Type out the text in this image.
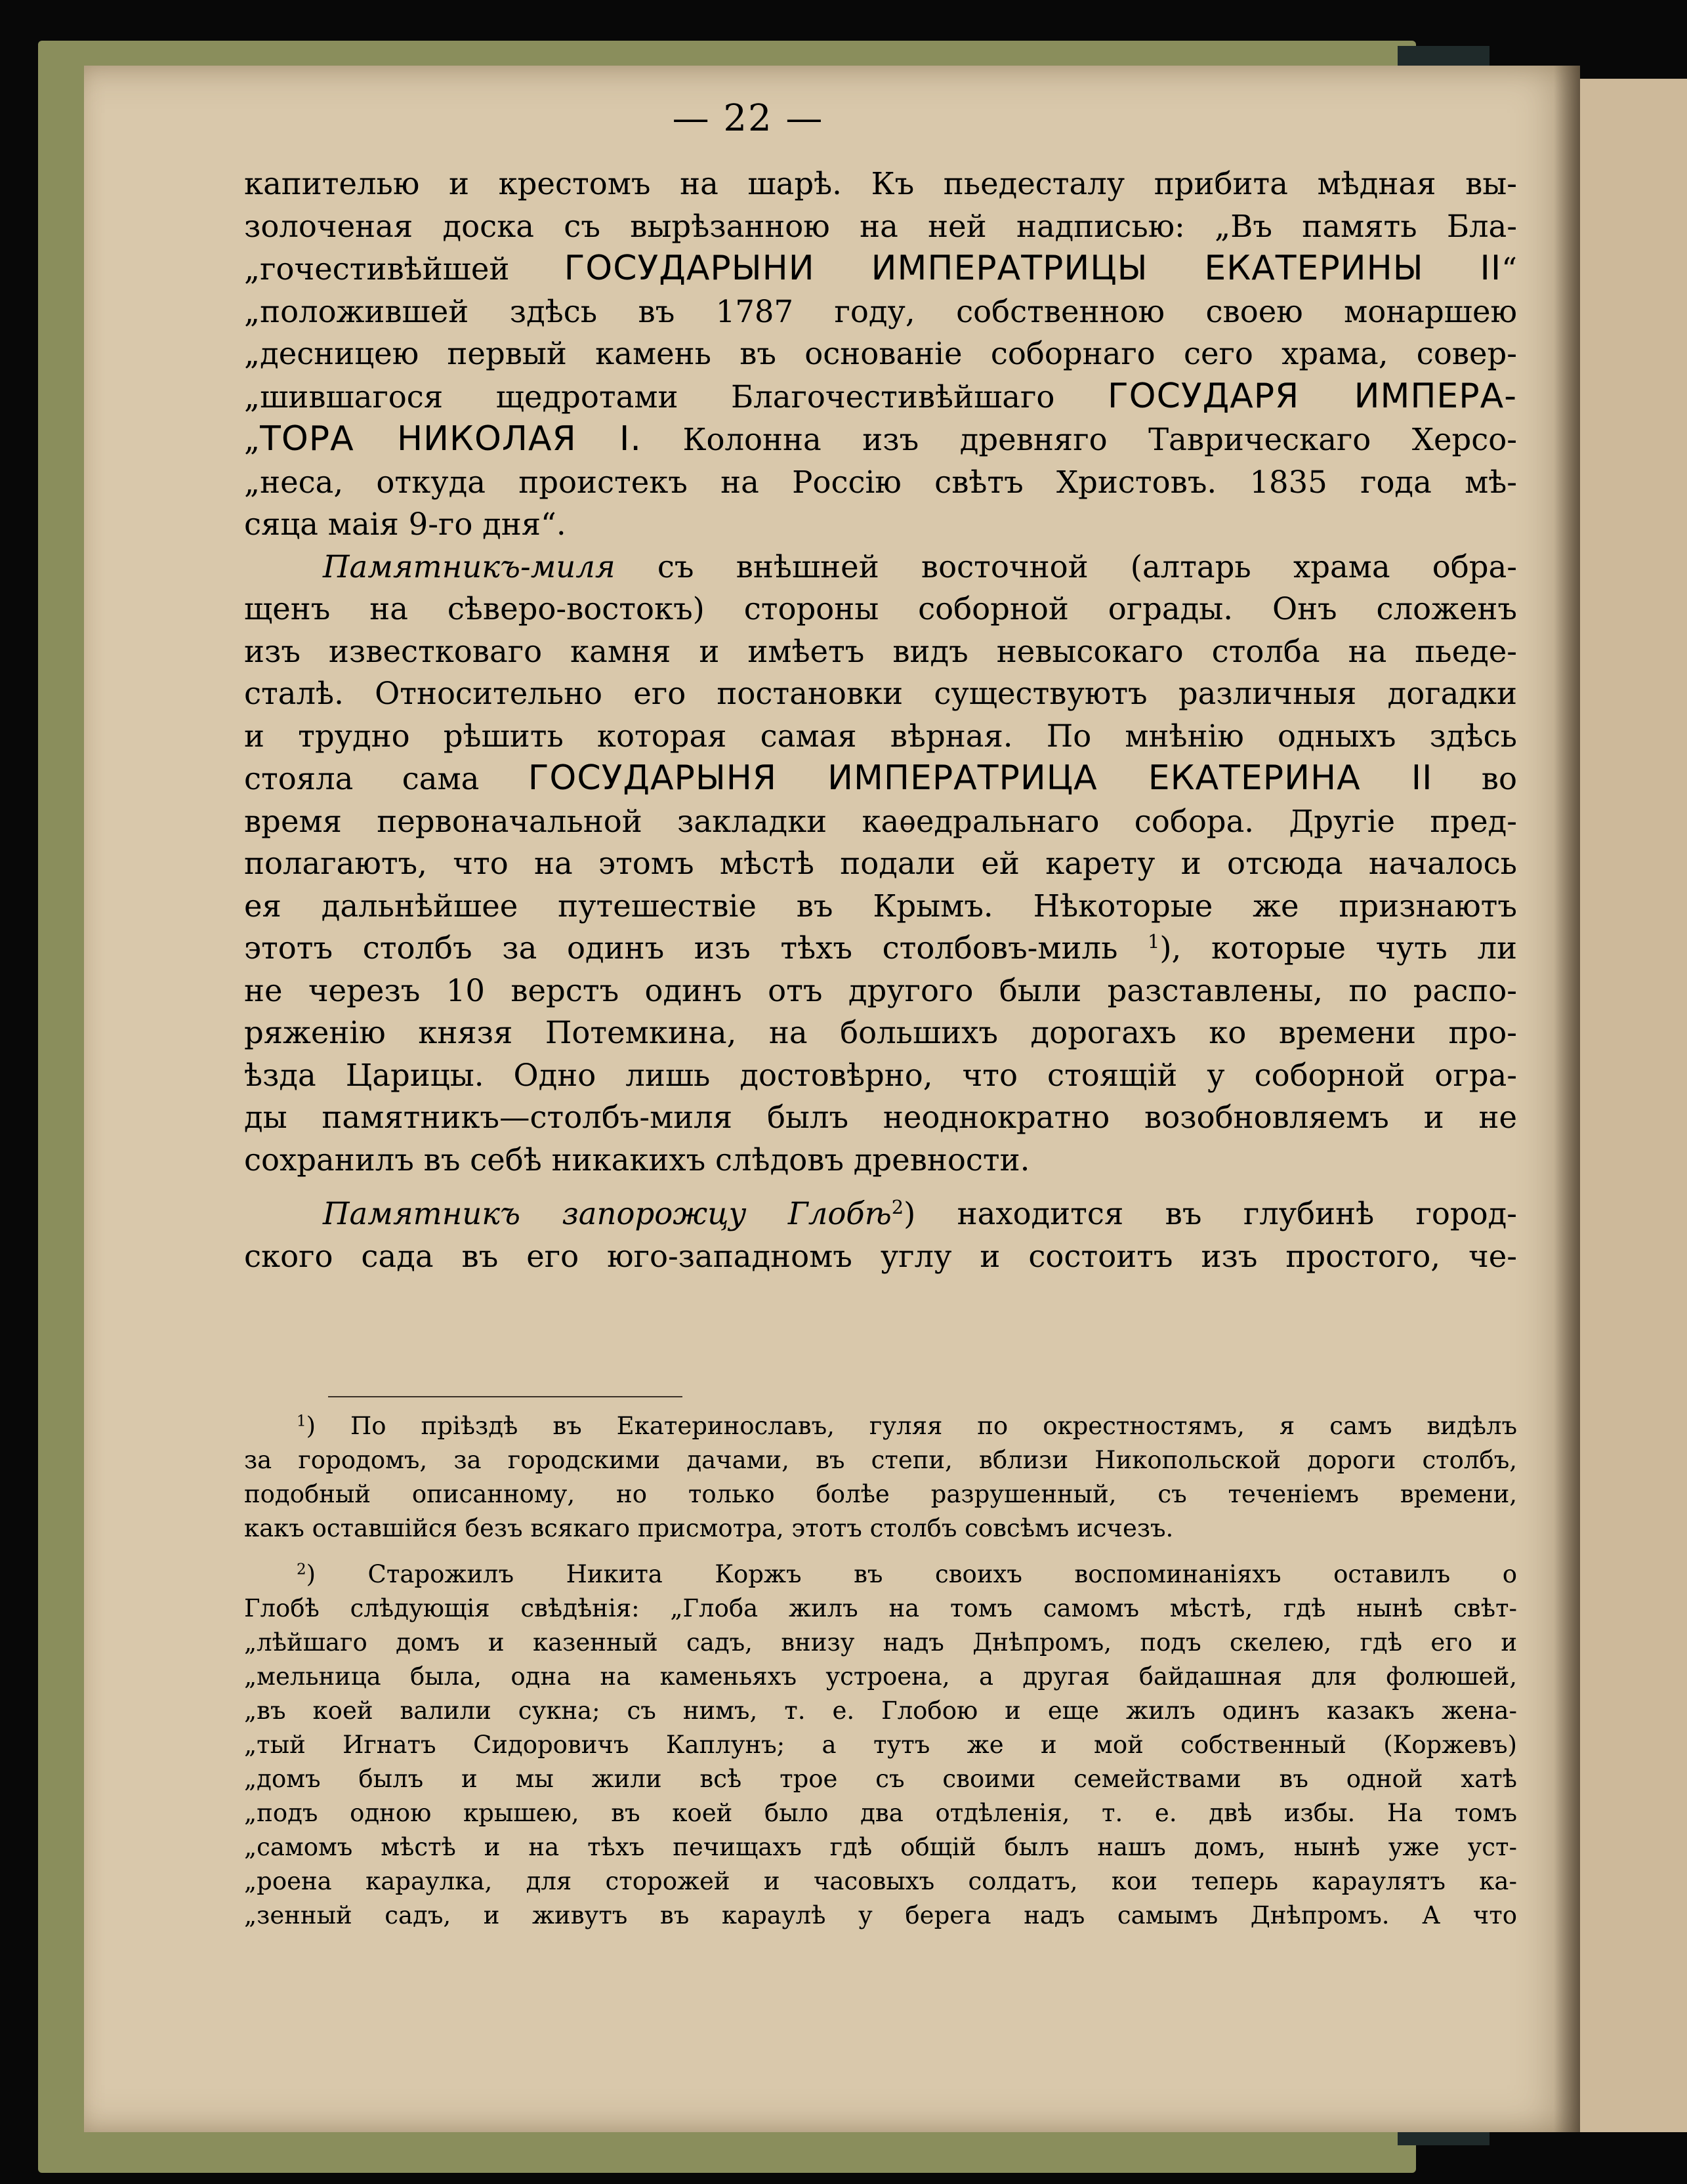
— 22 —

капителью и крестомъ на шарѣ. Къ пьедесталу прибита мѣдная вы-
золоченая доска съ вырѣзанною на ней надписью: „Въ память Бла-
„гочестивѣйшей ГОСУДАРЫНИ ИМПЕРАТРИЦЫ ЕКАТЕРИНЫ II“
„положившей здѣсь въ 1787 году, собственною своею монаршею
„десницею первый камень въ основаніе соборнаго сего храма, совер-
„шившагося щедротами Благочестивѣйшаго ГОСУДАРЯ ИМПЕРА-
„ТОРА НИКОЛАЯ I. Колонна изъ древняго Таврическаго Херсо-
„неса, откуда проистекъ на Россію свѣтъ Христовъ. 1835 года мѣ-
сяца маія 9-го дня“.

Памятникъ-миля съ внѣшней восточной (алтарь храма обра-
щенъ на сѣверо-востокъ) стороны соборной ограды. Онъ сложенъ
изъ известковаго камня и имѣетъ видъ невысокаго столба на пьеде-
сталѣ. Относительно его постановки существуютъ различныя догадки
и трудно рѣшить которая самая вѣрная. По мнѣнію одныхъ здѣсь
стояла сама ГОСУДАРЫНЯ ИМПЕРАТРИЦА ЕКАТЕРИНА II во
время первоначальной закладки каѳедральнаго собора. Другіе пред-
полагаютъ, что на этомъ мѣстѣ подали ей карету и отсюда началось
ея дальнѣйшее путешествіе въ Крымъ. Нѣкоторые же признаютъ
этотъ столбъ за одинъ изъ тѣхъ столбовъ-миль $^1$), которые чуть ли
не черезъ 10 верстъ одинъ отъ другого были разставлены, по распо-
ряженію князя Потемкина, на большихъ дорогахъ ко времени про-
ѣзда Царицы. Одно лишь достовѣрно, что стоящій у соборной огра-
ды памятникъ—столбъ-миля былъ неоднократно возобновляемъ и не
сохранилъ въ себѣ никакихъ слѣдовъ древности.

Памятникъ запорожцу Глобѣ$^2$) находится въ глубинѣ город-
ского сада въ его юго-западномъ углу и состоитъ изъ простого, че-

$^1$) По пріѣздѣ въ Екатеринославъ, гуляя по окрестностямъ, я самъ видѣлъ
за городомъ, за городскими дачами, въ степи, вблизи Никопольской дороги столбъ,
подобный описанному, но только болѣе разрушенный, съ теченіемъ времени,
какъ оставшійся безъ всякаго присмотра, этотъ столбъ совсѣмъ исчезъ.
$^2$) Старожилъ Никита Коржъ въ своихъ воспоминаніяхъ оставилъ о
Глобѣ слѣдующія свѣдѣнія: „Глоба жилъ на томъ самомъ мѣстѣ, гдѣ нынѣ свѣт-
„лѣйшаго домъ и казенный садъ, внизу надъ Днѣпромъ, подъ скелею, гдѣ его и
„мельница была, одна на каменьяхъ устроена, а другая байдашная для фолюшей,
„въ коей валили сукна; съ нимъ, т. е. Глобою и еще жилъ одинъ казакъ жена-
„тый Игнатъ Сидоровичъ Каплунъ; а тутъ же и мой собственный (Коржевъ)
„домъ былъ и мы жили всѣ трое съ своими семействами въ одной хатѣ
„подъ одною крышею, въ коей было два отдѣленія, т. е. двѣ избы. На томъ
„самомъ мѣстѣ и на тѣхъ печищахъ гдѣ общій былъ нашъ домъ, нынѣ уже уст-
„роена караулка, для сторожей и часовыхъ солдатъ, кои теперь караулятъ ка-
„зенный садъ, и живутъ въ караулѣ у берега надъ самымъ Днѣпромъ. А что
